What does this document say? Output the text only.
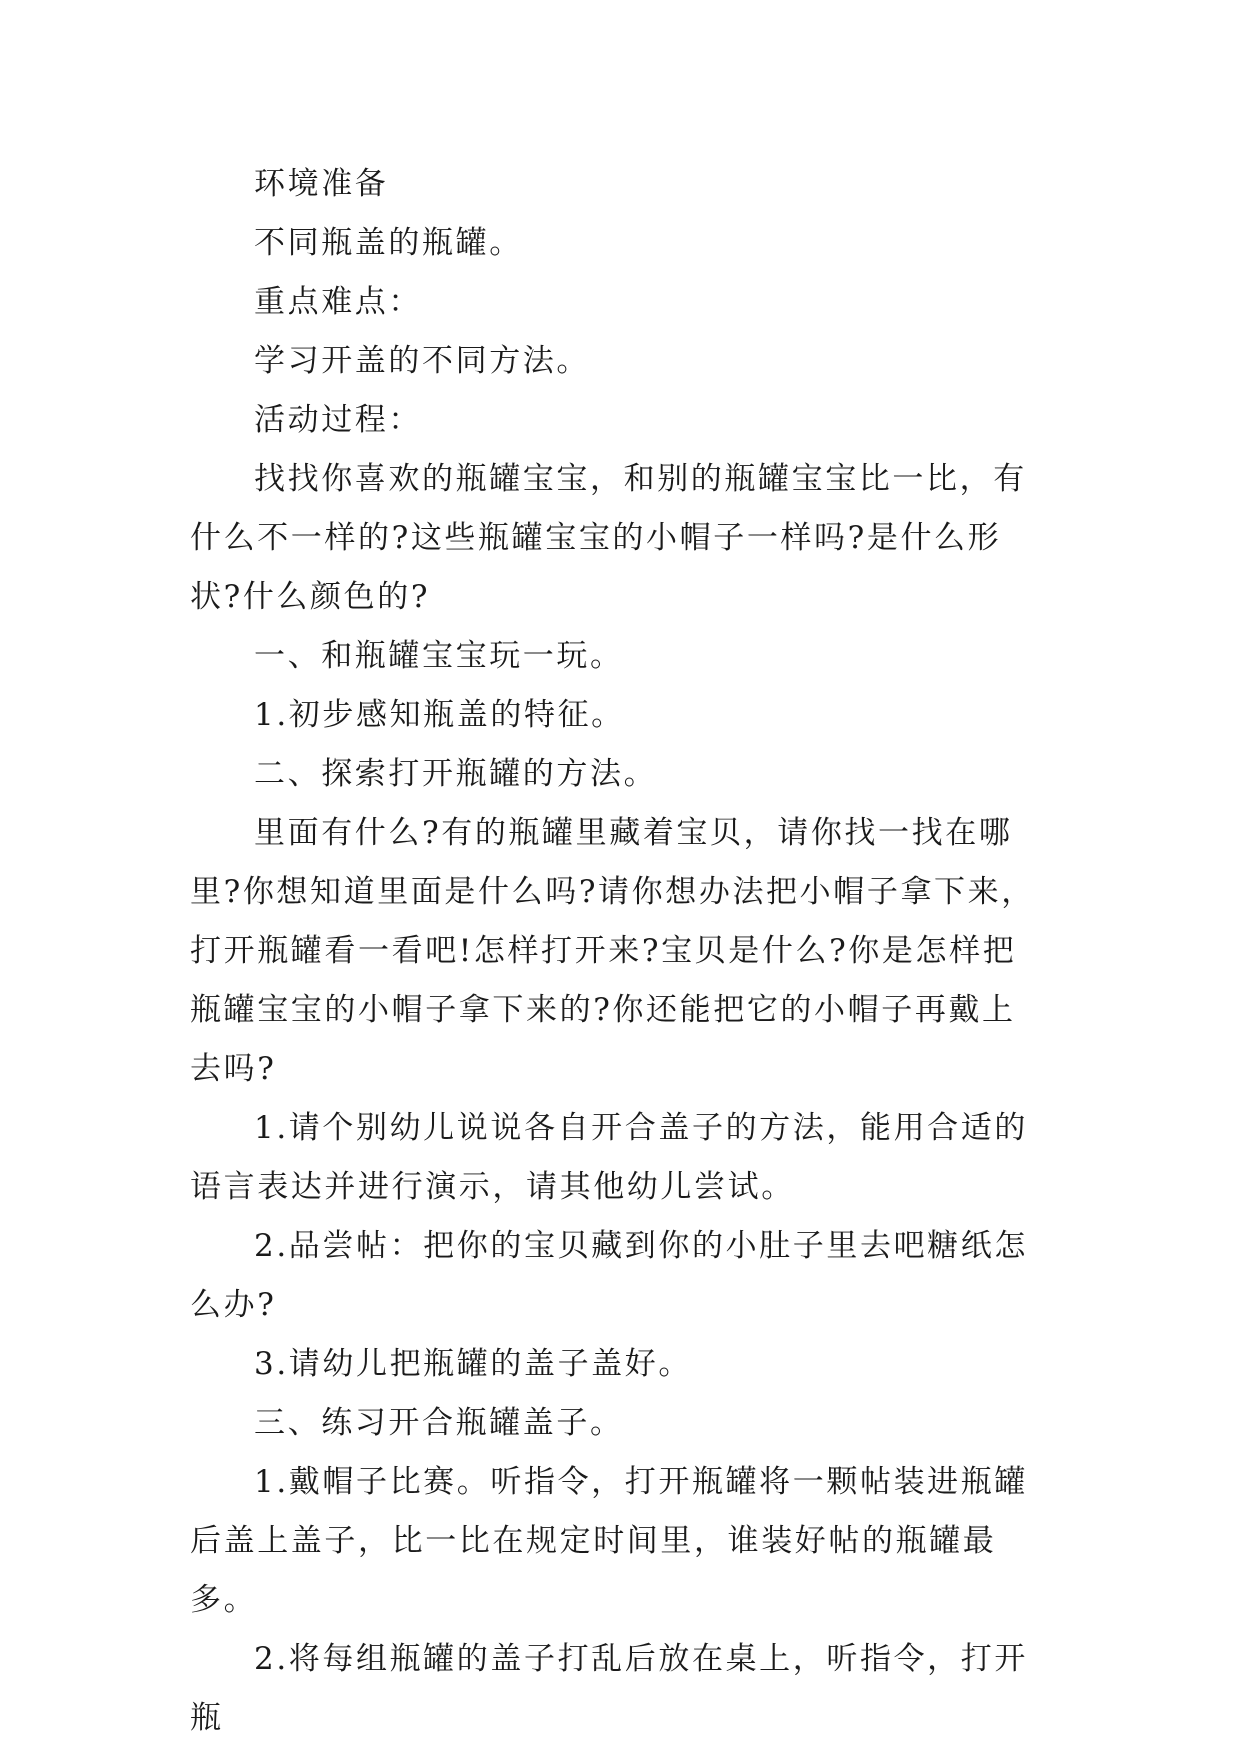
环境准备

不同瓶盖的瓶罐。

重点难点：

学习开盖的不同方法。

活动过程：

找找你喜欢的瓶罐宝宝，和别的瓶罐宝宝比一比，有什么不一样的?这些瓶罐宝宝的小帽子一样吗?是什么形状?什么颜色的?

一、和瓶罐宝宝玩一玩。

1.初步感知瓶盖的特征。

二、探索打开瓶罐的方法。

里面有什么?有的瓶罐里藏着宝贝，请你找一找在哪里?你想知道里面是什么吗?请你想办法把小帽子拿下来，打开瓶罐看一看吧!怎样打开来?宝贝是什么?你是怎样把瓶罐宝宝的小帽子拿下来的?你还能把它的小帽子再戴上去吗?

1.请个别幼儿说说各自开合盖子的方法，能用合适的语言表达并进行演示，请其他幼儿尝试。

2.品尝帖：把你的宝贝藏到你的小肚子里去吧糖纸怎么办?

3.请幼儿把瓶罐的盖子盖好。

三、练习开合瓶罐盖子。

1.戴帽子比赛。听指令，打开瓶罐将一颗帖装进瓶罐后盖上盖子，比一比在规定时间里，谁装好帖的瓶罐最多。

2.将每组瓶罐的盖子打乱后放在桌上，听指令，打开瓶
